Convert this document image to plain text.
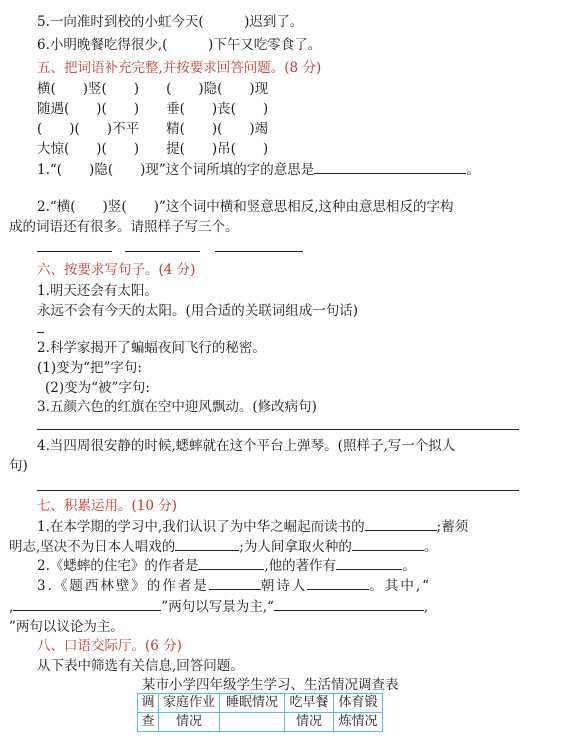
5.一向准时到校的小虹今天(　　　)迟到了。
6.小明晚餐吃得很少,(　　　)下午又吃零食了。
五、把词语补充完整,并按要求回答问题。(8 分)
横(　　)竖(　　)　　(　　)隐(　　)现
随遇(　　)(　　)　　垂(　　)丧(　　)
(　　)(　　)不平　　精(　　)(　　)竭
大惊(　　)(　　)　　提(　　)吊(　　)
1.“(　　)隐(　　)现”这个词所填的字的意思是	。
2.“横(　　)竖(　　)”这个词中横和竖意思相反,这种由意思相反的字构
成的词语还有很多。请照样子写三个。
六、按要求写句子。(4 分)
1.明天还会有太阳。
永远不会有今天的太阳。(用合适的关联词组成一句话)
2.科学家揭开了蝙蝠夜间飞行的秘密。
(1)变为“把”字句:
(2)变为“被”字句:
3.五颜六色的红旗在空中迎风飘动。(修改病句)
4.当四周很安静的时候,蟋蟀就在这个平台上弹琴。(照样子,写一个拟人
句)
七、积累运用。(10 分)
1.在本学期的学习中,我们认识了为中华之崛起而读书的	;蓄须
明志,坚决不为日本人唱戏的	;为人间拿取火种的	。
2.《蟋蟀的住宅》的作者是	,他的著作有	。
3.《题西林壁》的作者是	朝诗人	。其中,“
,	”两句以写景为主,“	,
”两句以议论为主。
八、口语交际厅。(6 分)
从下表中筛选有关信息,回答问题。
某市小学四年级学生学习、生活情况调查表
调	家庭作业	睡眠情况	吃早餐	体育锻
查	情况		情况	炼情况
